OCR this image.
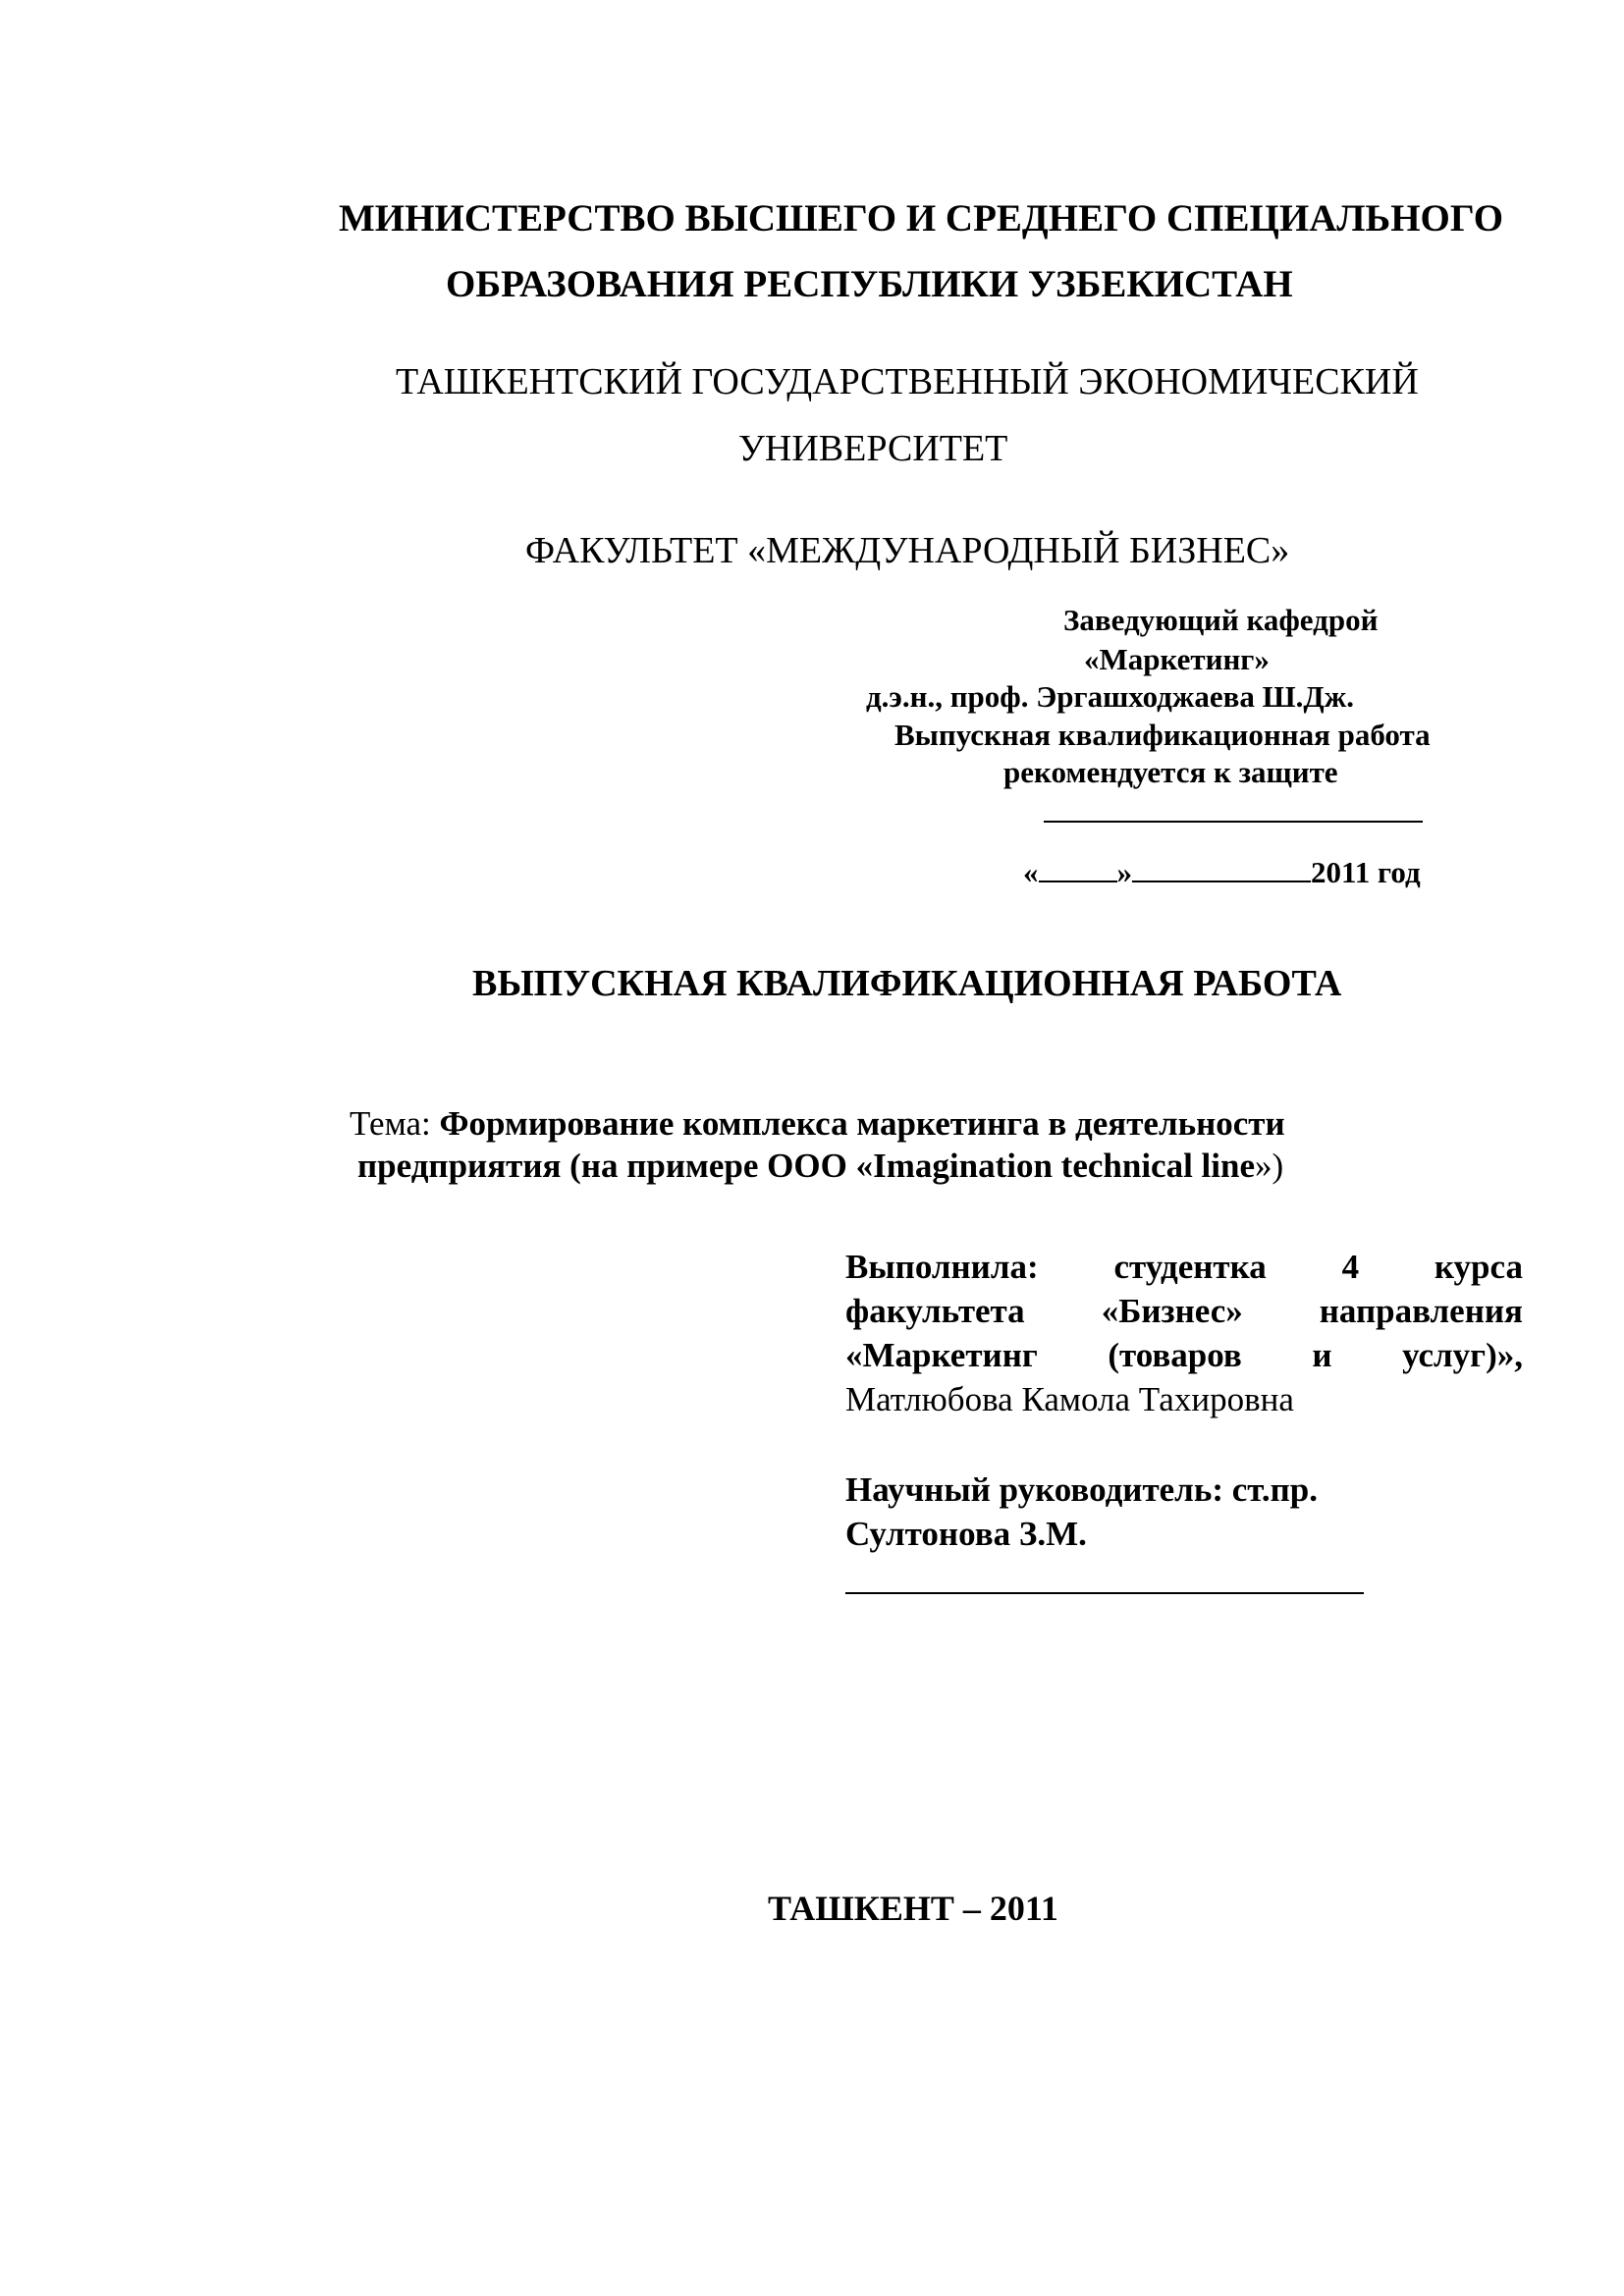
МИНИСТЕРСТВО ВЫСШЕГО И СРЕДНЕГО СПЕЦИАЛЬНОГО
ОБРАЗОВАНИЯ РЕСПУБЛИКИ УЗБЕКИСТАН
ТАШКЕНТСКИЙ ГОСУДАРСТВЕННЫЙ ЭКОНОМИЧЕСКИЙ
УНИВЕРСИТЕТ
ФАКУЛЬТЕТ «МЕЖДУНАРОДНЫЙ БИЗНЕС»
Заведующий кафедрой
«Маркетинг»
д.э.н., проф. Эргашходжаева Ш.Дж.
Выпускная квалификационная работа
рекомендуется к защите
«	»	2011 год
ВЫПУСКНАЯ КВАЛИФИКАЦИОННАЯ РАБОТА
Тема: Формирование комплекса маркетинга в деятельности
предприятия (на примере ООО «Imagination technical line»)
Выполнила: студентка 4 курса
факультета «Бизнес» направления
«Маркетинг (товаров и услуг)»,
Матлюбова Камола Тахировна
Научный руководитель: ст.пр.
Султонова З.М.
ТАШКЕНТ – 2011
